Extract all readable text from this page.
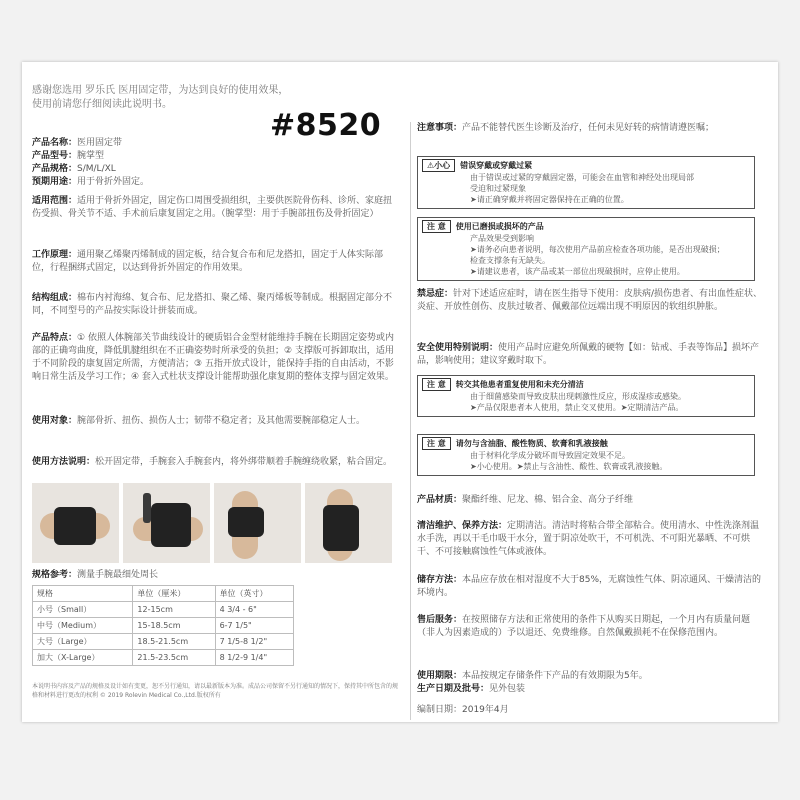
感谢您选用 罗乐氏 医用固定带，为达到良好的使用效果，
使用前请您仔细阅读此说明书。
#8520
产品名称：医用固定带
产品型号：腕掌型
产品规格：S/M/L/XL
预期用途：用于骨折外固定。
适用范围：适用于骨折外固定，固定伤口周围受损组织，主要供医院骨伤科、诊所、家庭扭伤受损、骨关节不适、手术前后康复固定之用。（腕掌型：用于手腕部扭伤及骨折固定）
工作原理：通用聚乙烯聚丙烯制成的固定板，结合复合布和尼龙搭扣，固定于人体实际部位，行程捆绑式固定，以达到骨折外固定的作用效果。
结构组成：棉布内衬海绵、复合布、尼龙搭扣、聚乙烯、聚丙烯板等制成。根据固定部分不同，不同型号的产品按实际设计拼装而成。
产品特点：① 依照人体腕部关节曲线设计的硬质铝合金型材能维持手腕在长期固定姿势或内部的正确弯曲度，降低肌腱组织在不正确姿势时所承受的负担；② 支撑版可拆卸取出，适用于不同阶段的康复固定所需，方便清洁；③ 五指开放式设计，能保持手指的自由活动，不影响日常生活及学习工作；④ 套入式杜状支撑设计能帮助强化康复期的整体支撑与固定效果。
使用对象：腕部骨折、扭伤、损伤人士；韧带不稳定者；及其他需要腕部稳定人士。
使用方法说明：松开固定带，手腕套入手腕套内，将外绑带顺着手腕缠绕收紧，粘合固定。
规格参考：测量手腕最细处周长
规格	单位（厘米）	单位（英寸）
小号（Small）	12-15cm	4 3/4 - 6"
中号（Medium）	15-18.5cm	6-7 1/5"
大号（Large）	18.5-21.5cm	7 1/5-8 1/2"
加大（X-Large）	21.5-23.5cm	8 1/2-9 1/4"
本说明书内容及产品的规格及设计如有变更，恕不另行通知，请以最新版本为准。成品公司保留不另行通知的情况下，保持其中所包含的规格和材料进行更改的权利 © 2019 Rolevin Medical Co.,Ltd.版权所有
注意事项：产品不能替代医生诊断及治疗，任何未见好转的病情请遵医嘱；
禁忌症：针对下述适应症时，请在医生指导下使用：皮肤病/损伤患者、有出血性症状、炎症、开放性创伤、皮肤过敏者、佩戴部位远端出现不明原因的软组织肿胀。
安全使用特别说明：使用产品时应避免所佩戴的硬物【如：钻戒、手表等饰品】损坏产品，影响使用；建议穿戴时取下。
产品材质：聚酯纤维、尼龙、棉、铝合金、高分子纤维
清洁维护、保养方法：定期清洁。清洁时将粘合带全部粘合。使用清水、中性洗涤剂温水手洗，再以干毛巾吸干水分，置于阴凉处吹干，不可机洗、不可阳光暴晒、不可烘干、不可接触腐蚀性气体或液体。
储存方法：本品应存放在相对湿度不大于85%，无腐蚀性气体、阴凉通风、干燥清洁的环境内。
售后服务：在按照储存方法和正常使用的条件下从购买日期起，一个月内有质量问题（非人为因素造成的）予以退还、免费维修。自然佩戴损耗不在保修范围内。
使用期限：本品按规定存储条件下产品的有效期限为5年。
生产日期及批号：见外包装
编制日期：2019年4月
⚠小心 错误穿戴或穿戴过紧
由于错误或过紧的穿戴固定器，可能会在血管和神经处出现局部
受迫和过紧现象
➤请正确穿戴并将固定器保持在正确的位置。
注 意 使用已磨损或损坏的产品
产品效果受到影响
➤请务必向患者说明，每次使用产品前应检查各项功能，是否出现破损；
检查支撑条有无缺失。
➤请建议患者，该产品或某一部位出现破损时，应停止使用。
注 意 转交其他患者重复使用和未充分清洁
由于细菌感染而导致皮肤出现刺激性反应，形成湿疹或感染。
➤产品仅限患者本人使用，禁止交叉使用。➤定期清洁产品。
注 意 请勿与含油脂、酸性物质、软膏和乳液接触
由于材料化学成分破坏而导致固定效果不足。
➤小心使用。➤禁止与含油性、酸性、软膏或乳液接触。
